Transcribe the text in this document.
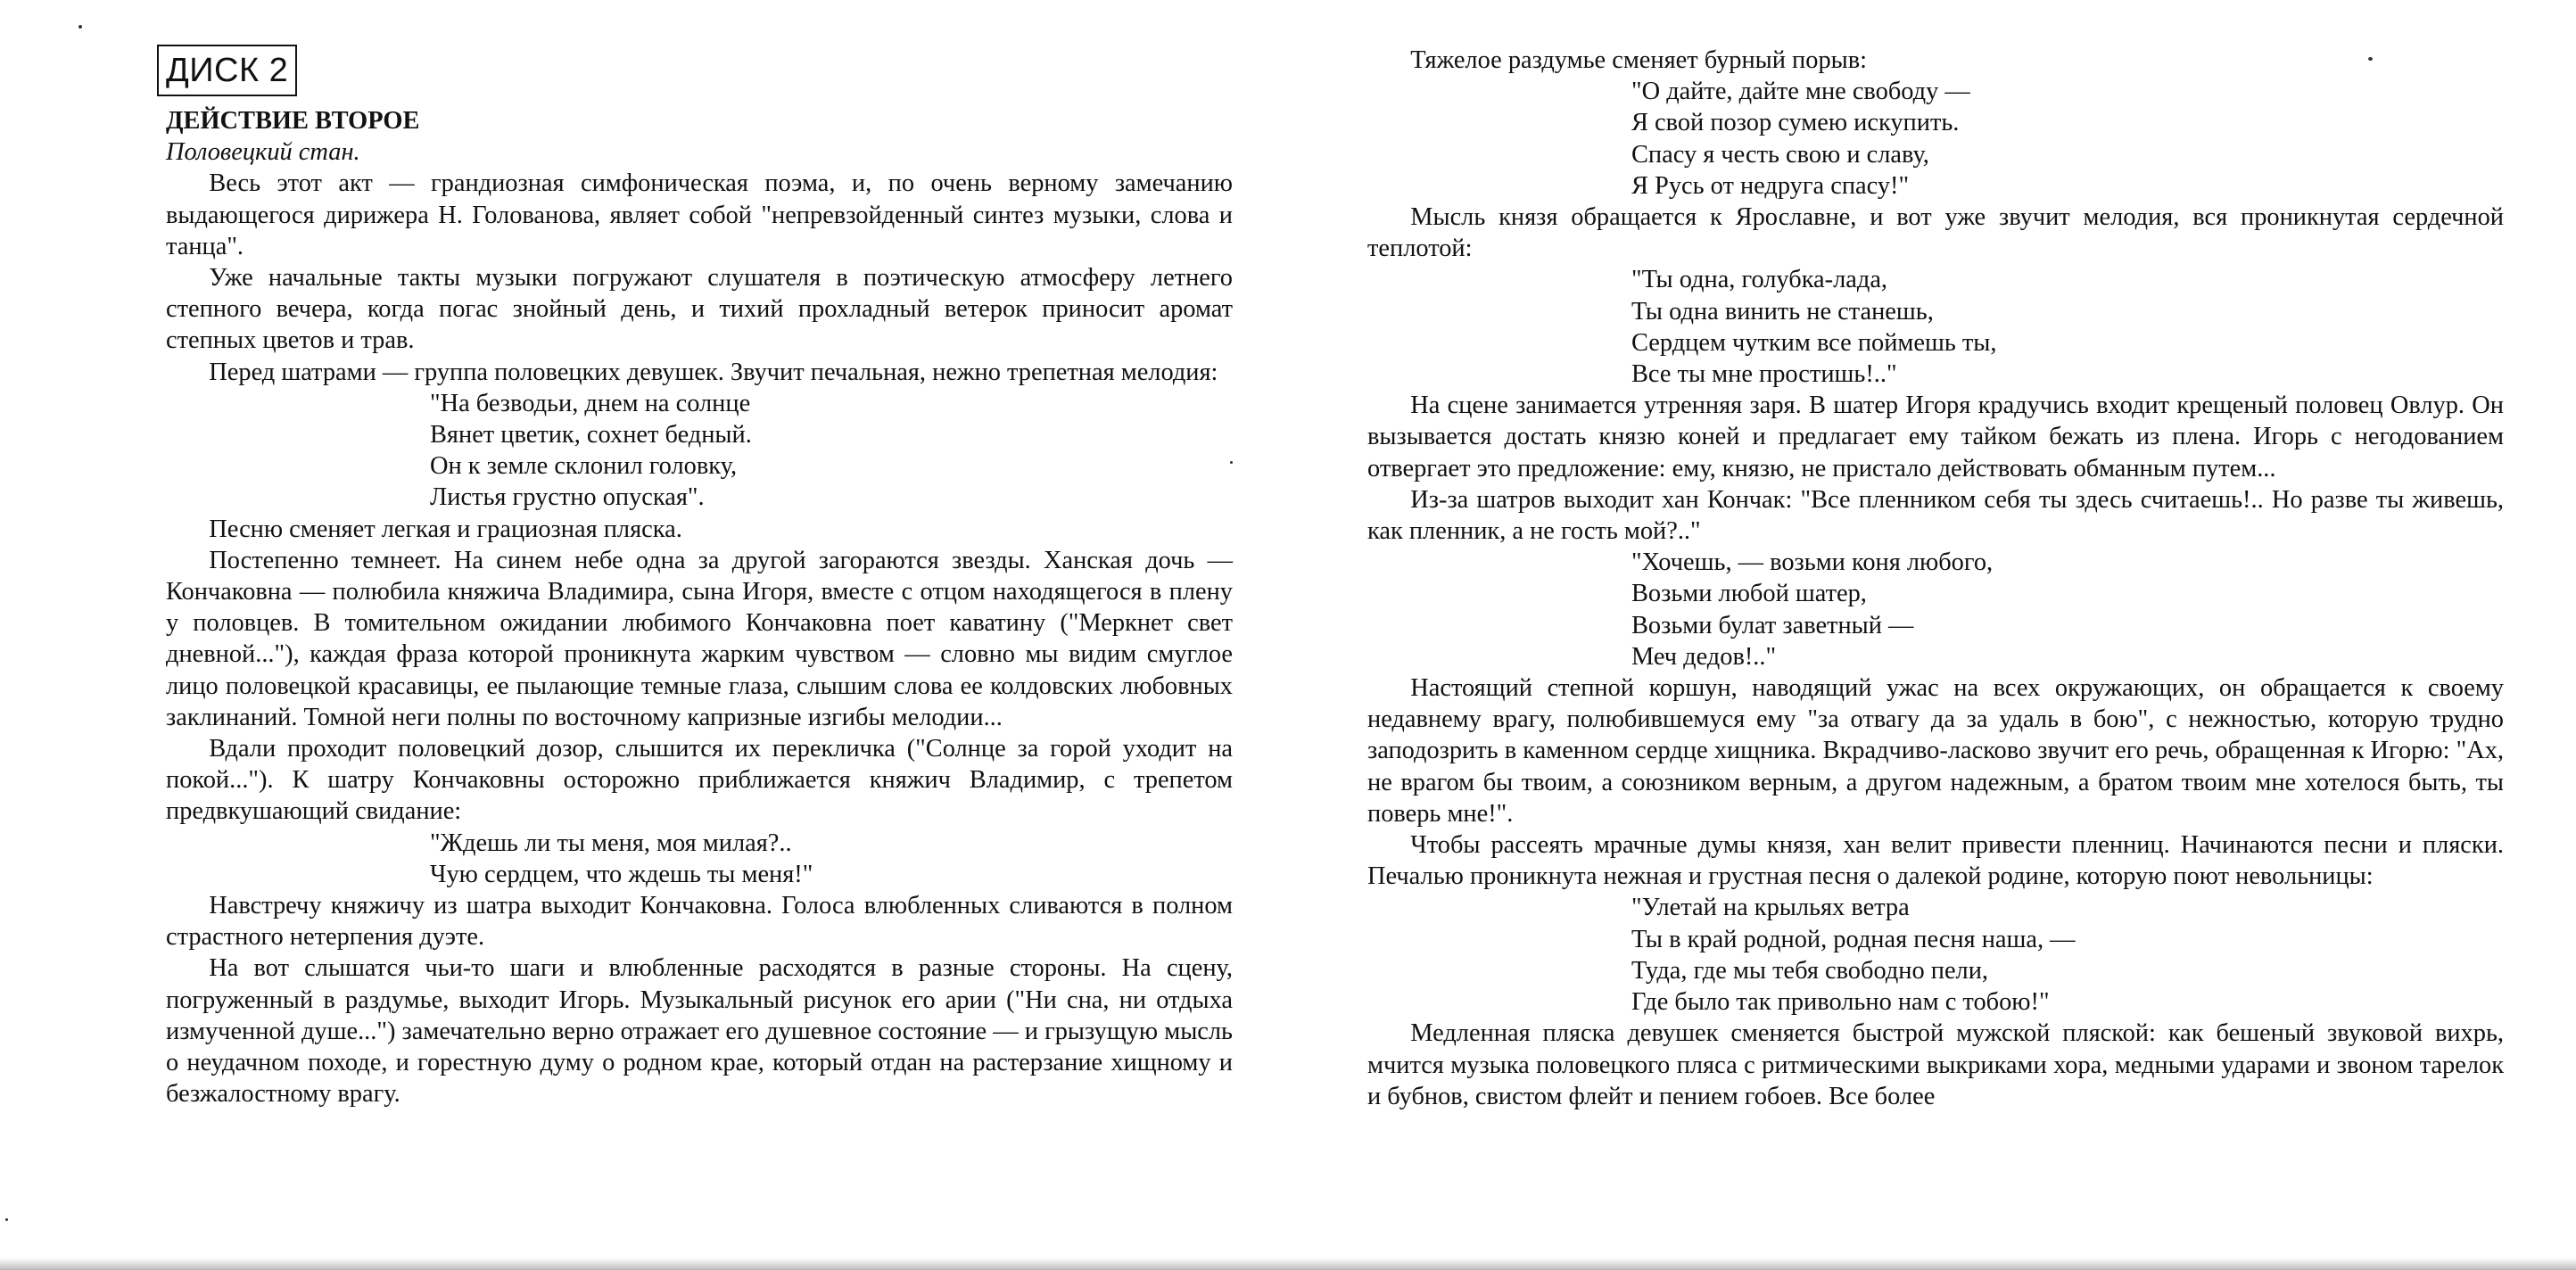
ДИСК 2

ДЕЙСТВИЕ ВТОРОЕ

Половецкий стан.

Весь этот акт — грандиозная симфоническая поэма, и, по очень верному замечанию выдающегося дирижера Н. Голованова, являет собой "непревзойденный синтез музыки, слова и танца".

Уже начальные такты музыки погружают слушателя в поэтическую атмосферу летнего степного вечера, когда погас знойный день, и тихий прохладный ветерок приносит аромат степных цветов и трав.

Перед шатрами — группа половецких девушек. Звучит печальная, нежно трепетная мелодия:

"На безводьи, днем на солнце
Вянет цветик, сохнет бедный.
Он к земле склонил головку,
Листья грустно опуская".

Песню сменяет легкая и грациозная пляска.

Постепенно темнеет. На синем небе одна за другой загораются звезды. Ханская дочь — Кончаковна — полюбила княжича Владимира, сына Игоря, вместе с отцом находящегося в плену у половцев. В томительном ожидании любимого Кончаковна поет каватину ("Меркнет свет дневной..."), каждая фраза которой проникнута жарким чувством — словно мы видим смуглое лицо половецкой красавицы, ее пылающие темные глаза, слышим слова ее колдовских любовных заклинаний. Томной неги полны по восточному капризные изгибы мелодии...

Вдали проходит половецкий дозор, слышится их перекличка ("Солнце за горой уходит на покой..."). К шатру Кончаковны осторожно приближается княжич Владимир, с трепетом предвкушающий свидание:

"Ждешь ли ты меня, моя милая?..
Чую сердцем, что ждешь ты меня!"

Навстречу княжичу из шатра выходит Кончаковна. Голоса влюбленных сливаются в полном страстного нетерпения дуэте.

На вот слышатся чьи-то шаги и влюбленные расходятся в разные стороны. На сцену, погруженный в раздумье, выходит Игорь. Музыкальный рисунок его арии ("Ни сна, ни отдыха измученной душе...") замечательно верно отражает его душевное состояние — и грызущую мысль о неудачном походе, и горестную думу о родном крае, который отдан на растерзание хищному и безжалостному врагу.

Тяжелое раздумье сменяет бурный порыв:

"О дайте, дайте мне свободу —
Я свой позор сумею искупить.
Спасу я честь свою и славу,
Я Русь от недруга спасу!"

Мысль князя обращается к Ярославне, и вот уже звучит мелодия, вся проникнутая сердечной теплотой:

"Ты одна, голубка-лада,
Ты одна винить не станешь,
Сердцем чутким все поймешь ты,
Все ты мне простишь!.."

На сцене занимается утренняя заря. В шатер Игоря крадучись входит крещеный половец Овлур. Он вызывается достать князю коней и предлагает ему тайком бежать из плена. Игорь с негодованием отвергает это предложение: ему, князю, не пристало действовать обманным путем...

Из-за шатров выходит хан Кончак: "Все пленником себя ты здесь считаешь!.. Но разве ты живешь, как пленник, а не гость мой?.."

"Хочешь, — возьми коня любого,
Возьми любой шатер,
Возьми булат заветный —
Меч дедов!.."

Настоящий степной коршун, наводящий ужас на всех окружающих, он обращается к своему недавнему врагу, полюбившемуся ему "за отвагу да за удаль в бою", с нежностью, которую трудно заподозрить в каменном сердце хищника. Вкрадчиво-ласково звучит его речь, обращенная к Игорю: "Ах, не врагом бы твоим, а союзником верным, а другом надежным, а братом твоим мне хотелося быть, ты поверь мне!".

Чтобы рассеять мрачные думы князя, хан велит привести пленниц. Начинаются песни и пляски. Печалью проникнута нежная и грустная песня о далекой родине, которую поют невольницы:

"Улетай на крыльях ветра
Ты в край родной, родная песня наша, —
Туда, где мы тебя свободно пели,
Где было так привольно нам с тобою!"

Медленная пляска девушек сменяется быстрой мужской пляской: как бешеный звуковой вихрь, мчится музыка половецкого пляса с ритмическими выкриками хора, медными ударами и звоном тарелок и бубнов, свистом флейт и пением гобоев. Все более
